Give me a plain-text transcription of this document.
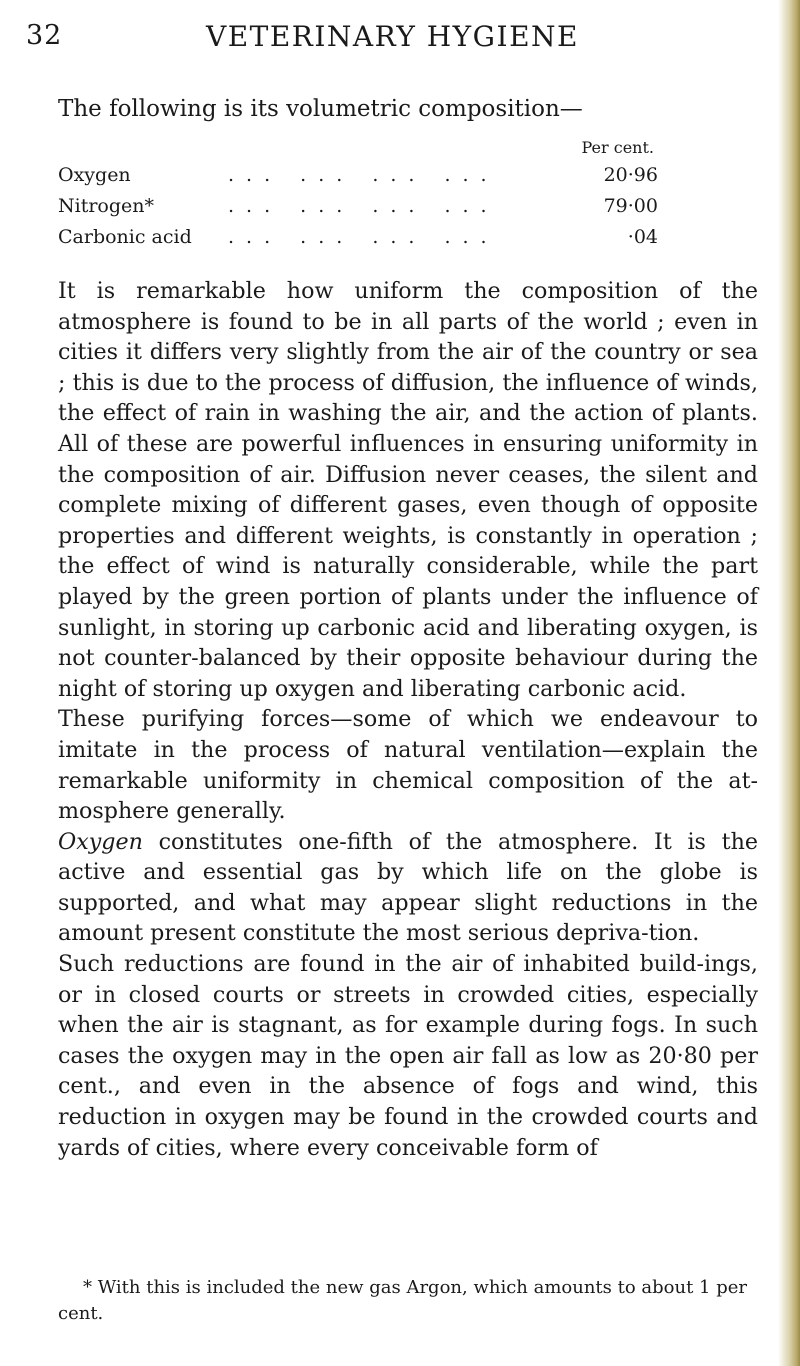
32	VETERINARY HYGIENE
The following is its volumetric composition—
Per cent.
Oxygen	... ... ... ...	20·96
Nitrogen*	... ... ... ...	79·00
Carbonic acid ... ... ... ...	·04

It is remarkable how uniform the composition of the atmosphere is found to be in all parts of the world ; even in cities it differs very slightly from the air of the country or sea ; this is due to the process of diffusion, the influence of winds, the effect of rain in washing the air, and the action of plants. All of these are powerful influences in ensuring uniformity in the composition of air. Diffusion never ceases, the silent and complete mixing of different gases, even though of opposite properties and different weights, is constantly in operation ; the effect of wind is naturally considerable, while the part played by the green portion of plants under the influence of sunlight, in storing up carbonic acid and liberating oxygen, is not counter-balanced by their opposite behaviour during the night of storing up oxygen and liberating carbonic acid.

These purifying forces—some of which we endeavour to imitate in the process of natural ventilation—explain the remarkable uniformity in chemical composition of the at-mosphere generally.

Oxygen constitutes one-fifth of the atmosphere. It is the active and essential gas by which life on the globe is supported, and what may appear slight reductions in the amount present constitute the most serious depriva-tion.

Such reductions are found in the air of inhabited build-ings, or in closed courts or streets in crowded cities, especially when the air is stagnant, as for example during fogs. In such cases the oxygen may in the open air fall as low as 20·80 per cent., and even in the absence of fogs and wind, this reduction in oxygen may be found in the crowded courts and yards of cities, where every conceivable form of

* With this is included the new gas Argon, which amounts to about 1 per cent.
